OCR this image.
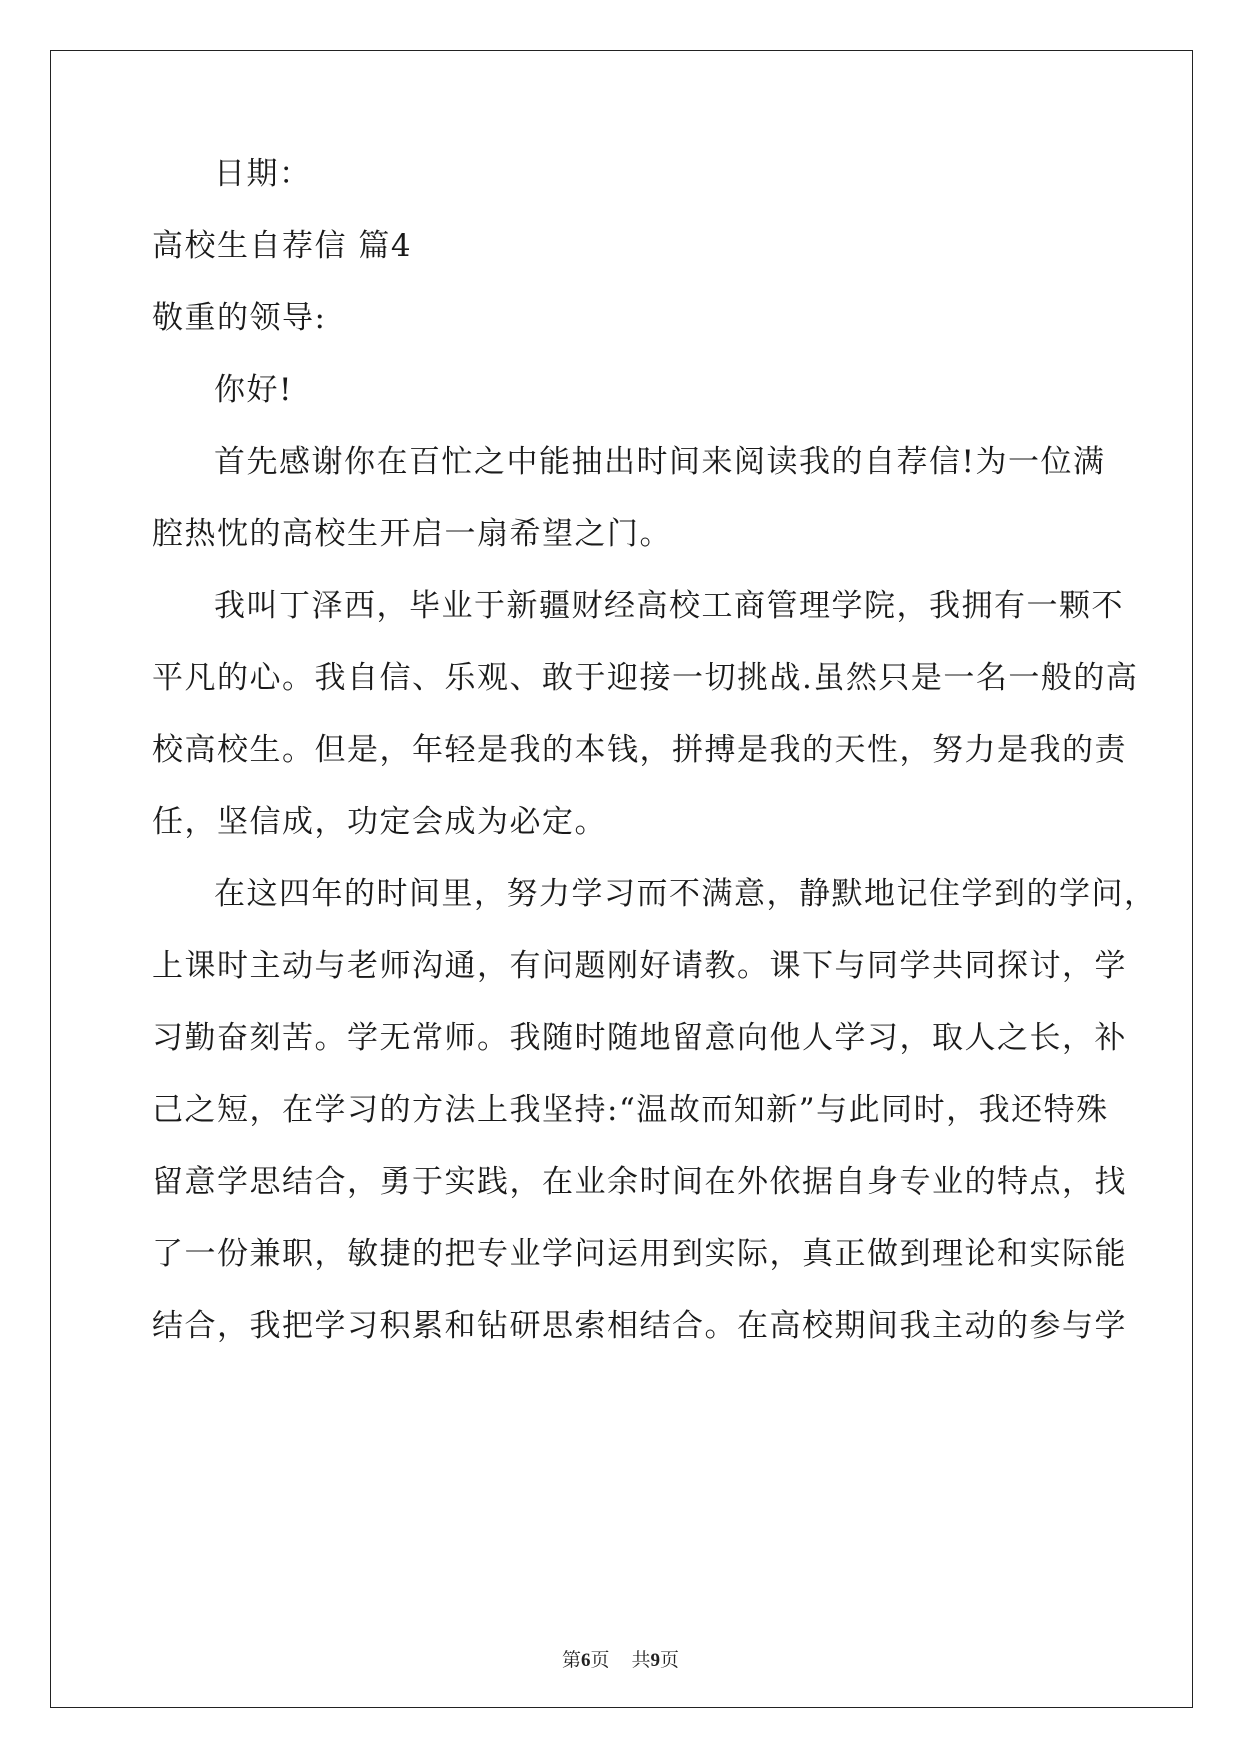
日期：
高校生自荐信 篇4
敬重的领导:
你好!
首先感谢你在百忙之中能抽出时间来阅读我的自荐信!为一位满
腔热忱的高校生开启一扇希望之门。
我叫丁泽西，毕业于新疆财经高校工商管理学院，我拥有一颗不
平凡的心。我自信、乐观、敢于迎接一切挑战.虽然只是一名一般的高
校高校生。但是，年轻是我的本钱，拼搏是我的天性，努力是我的责
任，坚信成，功定会成为必定。
在这四年的时间里，努力学习而不满意，静默地记住学到的学问，
上课时主动与老师沟通，有问题刚好请教。课下与同学共同探讨，学
习勤奋刻苦。学无常师。我随时随地留意向他人学习，取人之长，补
己之短，在学习的方法上我坚持:“温故而知新”与此同时，我还特殊
留意学思结合，勇于实践，在业余时间在外依据自身专业的特点，找
了一份兼职，敏捷的把专业学问运用到实际，真正做到理论和实际能
结合，我把学习积累和钻研思索相结合。在高校期间我主动的参与学
第6页 共9页
